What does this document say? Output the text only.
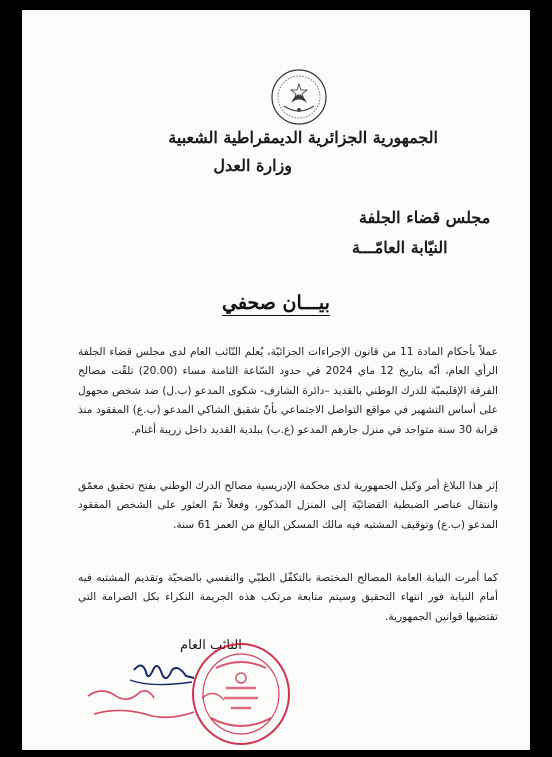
الجمهورية الجزائرية الديمقراطية الشعبية
وزارة العدل
مجلس قضاء الجلفة
النيّابة العامّـــة
بيـــان صحفي

عملاً بأحكام المادة 11 من قانون الإجراءات الجزائيّة، يُعلم النّائب العام لدى مجلس قضاء الجلفة الرأي العام، أنّه بتاريخ 12 ماي 2024 في حدود السّاعة الثامنة مساء (20.00) تلقّت مصالح الفرقة الإقليميّة للدرك الوطني بالقديد –دائرة الشارف- شكوى المدعو (ب.ل) ضد شخص مجهول على أساس التشهير في مواقع التواصل الاجتماعي بأنّ شقيق الشاكي المدعو (ب.ع) المفقود منذ قرابة 30 سنة متواجد في منزل جارهم المدعو (ع.ب) ببلدية القديد داخل زريبة أغنام.

إثر هذا البلاغ أمر وكيل الجمهورية لدى محكمة الإدريسية مصالح الدرك الوطني بفتح تحقيق معمّق وانتقال عناصر الضبطية القضائيّة إلى المنزل المذكور، وفعلاً تمّ العثور على الشخص المفقود المدعو (ب.ع) وتوقيف المشتبه فيه مالك المسكن البالغ من العمر 61 سنة.

كما أمرت النيابة العامة المصالح المختصة بالتكفّل الطبّي والنفسي بالضحيّة وتقديم المشتبه فيه أمام النيابة فور انتهاء التحقيق وسيتم متابعة مرتكب هذه الجريمة النكراء بكل الصرامة التي تقتضيها قوانين الجمهورية.

النائب العام
